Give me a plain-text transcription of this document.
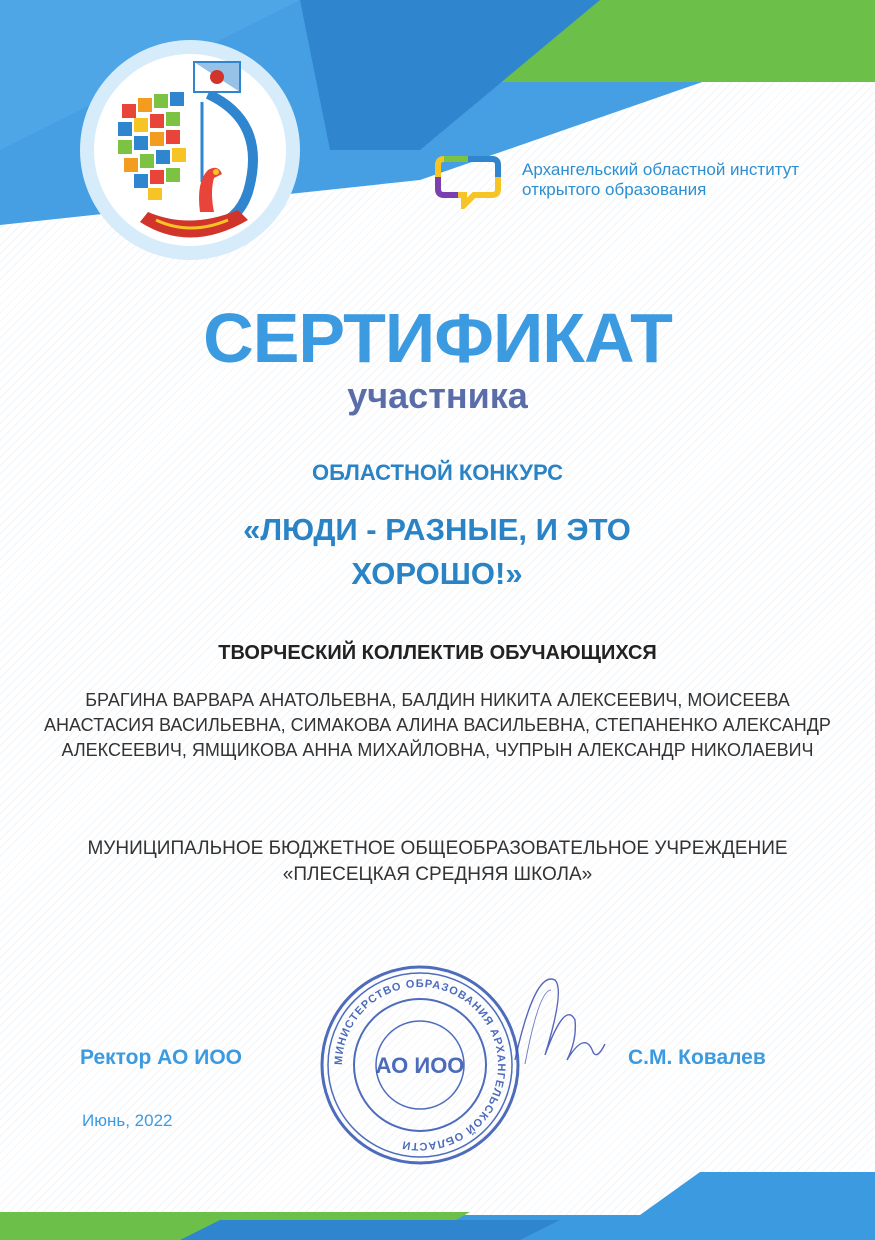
Архангельский областной институт открытого образования
СЕРТИФИКАТ
участника
ОБЛАСТНОЙ КОНКУРС
«ЛЮДИ - РАЗНЫЕ, И ЭТО ХОРОШО!»
ТВОРЧЕСКИЙ КОЛЛЕКТИВ ОБУЧАЮЩИХСЯ
БРАГИНА ВАРВАРА АНАТОЛЬЕВНА, БАЛДИН НИКИТА АЛЕКСЕЕВИЧ, МОИСЕЕВА АНАСТАСИЯ ВАСИЛЬЕВНА, СИМАКОВА АЛИНА ВАСИЛЬЕВНА, СТЕПАНЕНКО АЛЕКСАНДР АЛЕКСЕЕВИЧ, ЯМЩИКОВА АННА МИХАЙЛОВНА, ЧУПРЫН АЛЕКСАНДР НИКОЛАЕВИЧ
МУНИЦИПАЛЬНОЕ БЮДЖЕТНОЕ ОБЩЕОБРАЗОВАТЕЛЬНОЕ УЧРЕЖДЕНИЕ «ПЛЕСЕЦКАЯ СРЕДНЯЯ ШКОЛА»
Ректор АО ИОО	С.М. Ковалев
Июнь, 2022
МИНИСТЕРСТВО ОБРАЗОВАНИЯ АРХАНГЕЛЬСКОЙ ОБЛАСТИ
АО ИОО
